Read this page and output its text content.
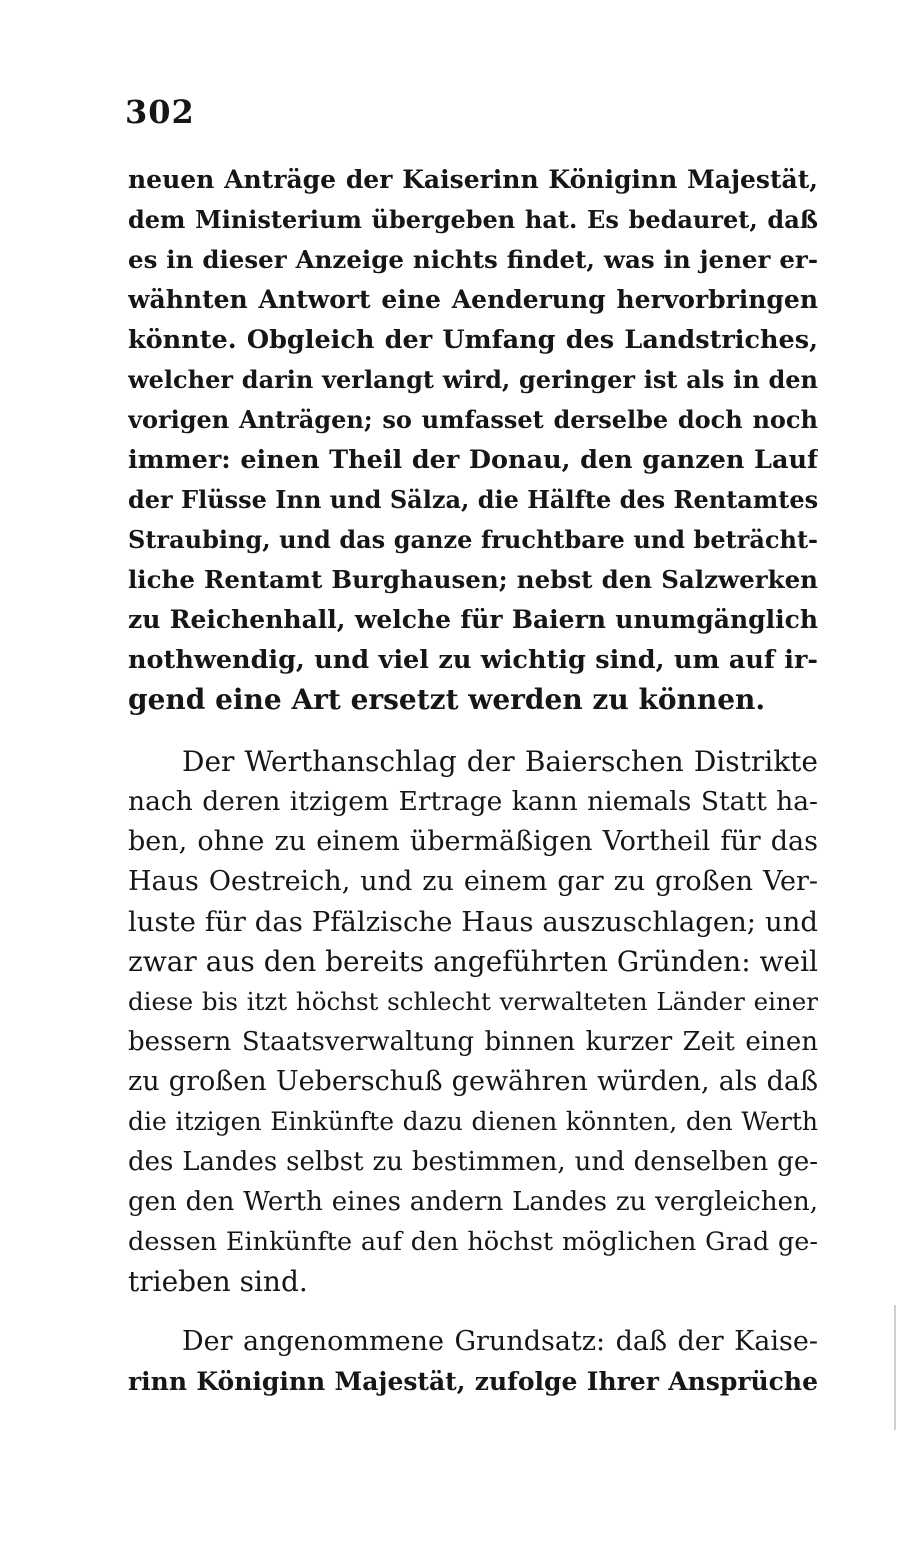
302
neuen Anträge der Kaiserinn Königinn Majestät,
dem Ministerium übergeben hat. Es bedauret, daß
es in dieser Anzeige nichts findet, was in jener er-
wähnten Antwort eine Aenderung hervorbringen
könnte. Obgleich der Umfang des Landstriches,
welcher darin verlangt wird, geringer ist als in den
vorigen Anträgen; so umfasset derselbe doch noch
immer: einen Theil der Donau, den ganzen Lauf
der Flüsse Inn und Sälza, die Hälfte des Rentamtes
Straubing, und das ganze fruchtbare und beträcht-
liche Rentamt Burghausen; nebst den Salzwerken
zu Reichenhall, welche für Baiern unumgänglich
nothwendig, und viel zu wichtig sind, um auf ir-
gend eine Art ersetzt werden zu können.
Der Werthanschlag der Baierschen Distrikte
nach deren itzigem Ertrage kann niemals Statt ha-
ben, ohne zu einem übermäßigen Vortheil für das
Haus Oestreich, und zu einem gar zu großen Ver-
luste für das Pfälzische Haus auszuschlagen; und
zwar aus den bereits angeführten Gründen: weil
diese bis itzt höchst schlecht verwalteten Länder einer
bessern Staatsverwaltung binnen kurzer Zeit einen
zu großen Ueberschuß gewähren würden, als daß
die itzigen Einkünfte dazu dienen könnten, den Werth
des Landes selbst zu bestimmen, und denselben ge-
gen den Werth eines andern Landes zu vergleichen,
dessen Einkünfte auf den höchst möglichen Grad ge-
trieben sind.
Der angenommene Grundsatz: daß der Kaise-
rinn Königinn Majestät, zufolge Ihrer Ansprüche
